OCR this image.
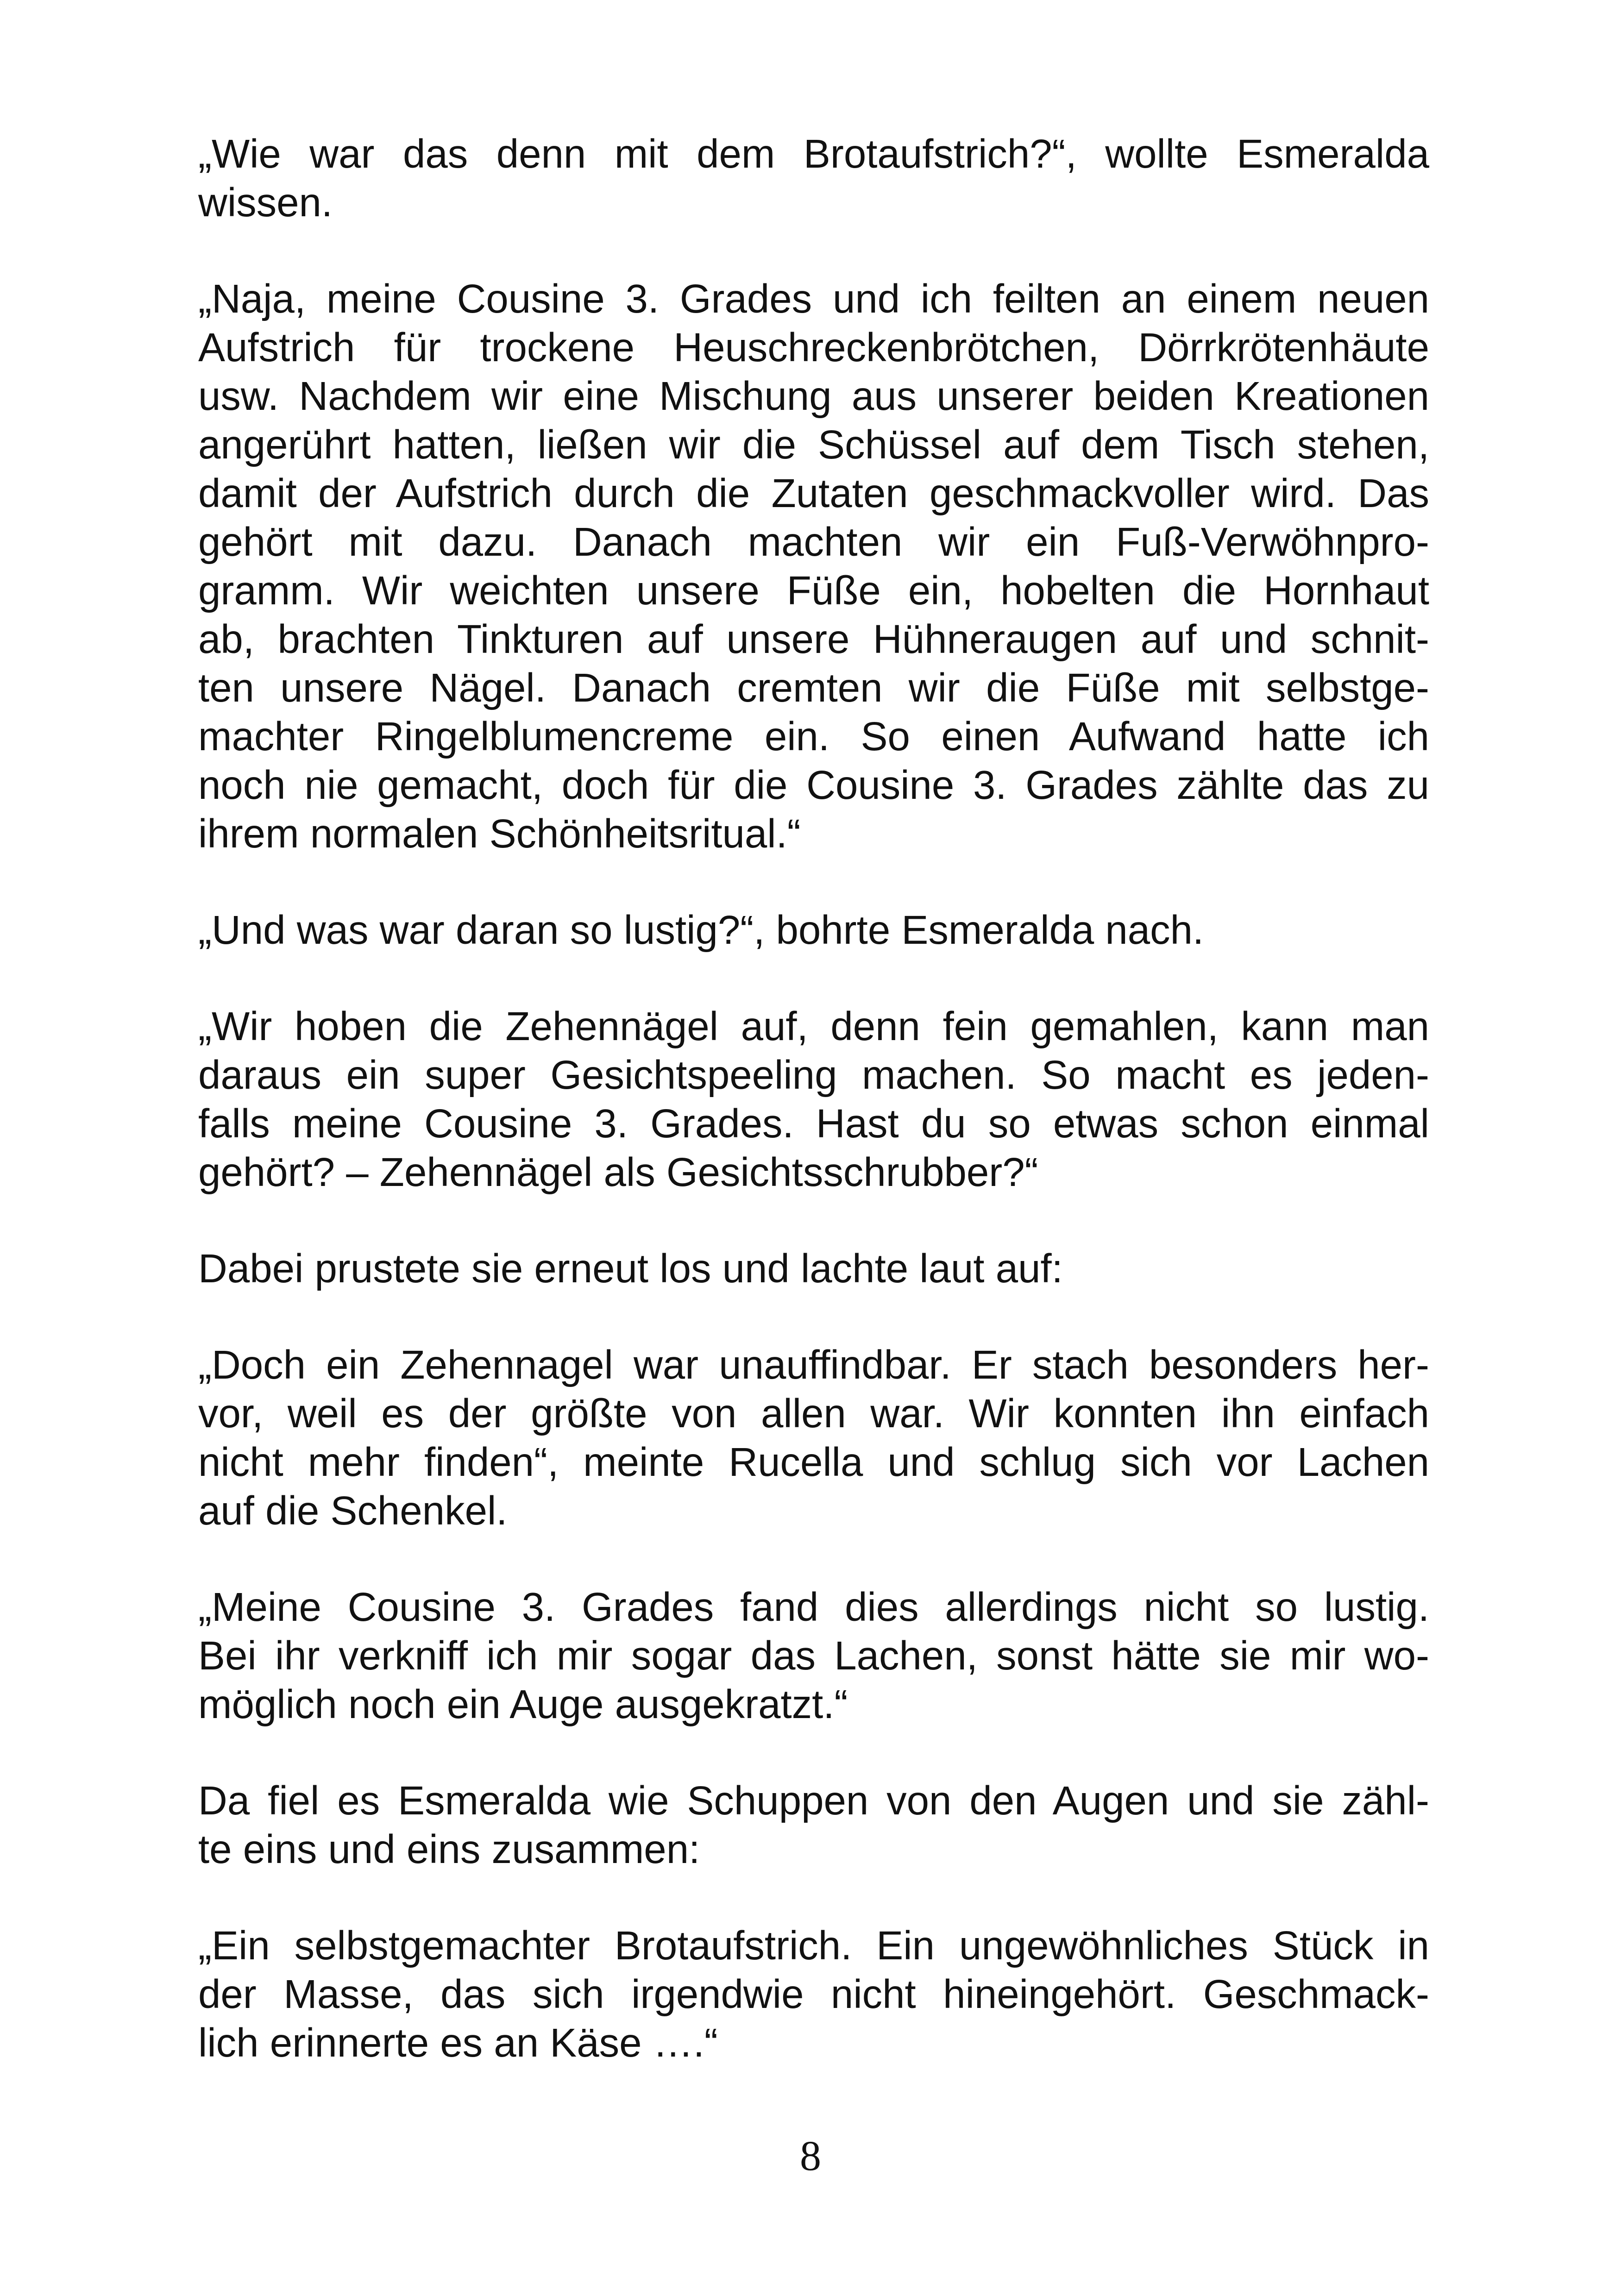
„Wie war das denn mit dem Brotaufstrich?“, wollte Esmeralda
wissen.
„Naja, meine Cousine 3. Grades und ich feilten an einem neuen
Aufstrich für trockene Heuschreckenbrötchen, Dörrkrötenhäute
usw. Nachdem wir eine Mischung aus unserer beiden Kreationen
angerührt hatten, ließen wir die Schüssel auf dem Tisch stehen,
damit der Aufstrich durch die Zutaten geschmackvoller wird. Das
gehört mit dazu. Danach machten wir ein Fuß-Verwöhnpro-
gramm. Wir weichten unsere Füße ein, hobelten die Hornhaut
ab, brachten Tinkturen auf unsere Hühneraugen auf und schnit-
ten unsere Nägel. Danach cremten wir die Füße mit selbstge-
machter Ringelblumencreme ein. So einen Aufwand hatte ich
noch nie gemacht, doch für die Cousine 3. Grades zählte das zu
ihrem normalen Schönheitsritual.“
„Und was war daran so lustig?“, bohrte Esmeralda nach.
„Wir hoben die Zehennägel auf, denn fein gemahlen, kann man
daraus ein super Gesichtspeeling machen. So macht es jeden-
falls meine Cousine 3. Grades. Hast du so etwas schon einmal
gehört? – Zehennägel als Gesichtsschrubber?“
Dabei prustete sie erneut los und lachte laut auf:
„Doch ein Zehennagel war unauffindbar. Er stach besonders her-
vor, weil es der größte von allen war. Wir konnten ihn einfach
nicht mehr finden“, meinte Rucella und schlug sich vor Lachen
auf die Schenkel.
„Meine Cousine 3. Grades fand dies allerdings nicht so lustig.
Bei ihr verkniff ich mir sogar das Lachen, sonst hätte sie mir wo-
möglich noch ein Auge ausgekratzt.“
Da fiel es Esmeralda wie Schuppen von den Augen und sie zähl-
te eins und eins zusammen:
„Ein selbstgemachter Brotaufstrich. Ein ungewöhnliches Stück in
der Masse, das sich irgendwie nicht hineingehört. Geschmack-
lich erinnerte es an Käse ….“
8
